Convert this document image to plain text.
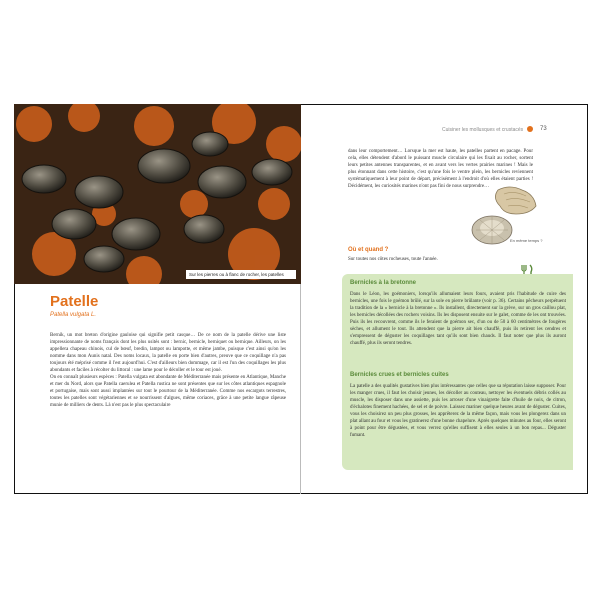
Sur les pierres ou à flanc de rocher, les patelles
Patelle
Patella vulgata L.

Bernik, un mot breton d'origine gauloise qui signifie petit casque… De ce nom de la patelle dérive une liste impressionnante de noms français dont les plus usités sont : bernic, bernicle, berniquet ou bernique. Ailleurs, on les appellera chapeau chinois, cul de bœuf, bredin, lampot ou lampotte, et même jambe, puisque c'est ainsi qu'on les nomme dans mon Aunis natal. Des noms locaux, la patelle en porte bien d'autres, preuve que ce coquillage n'a pas toujours été méprisé comme il l'est aujourd'hui. C'est d'ailleurs bien dommage, car il est l'un des coquillages les plus abondants et faciles à récolter du littoral : une lame pour le décoller et le tour est joué.

On en connaît plusieurs espèces : Patella vulgata est abondante de Méditerranée mais présente en Atlantique, Manche et mer du Nord, alors que Patella caerulea et Patella rustica ne sont présentes que sur les côtes atlantiques espagnole et portugaise, mais sont aussi implantées sur tout le pourtour de la Méditerranée. Comme nos escargots terrestres, toutes les patelles sont végétariennes et se nourrissent d'algues, même coriaces, grâce à une petite langue râpeuse munie de milliers de dents. Là n'est pas le plus spectaculaire

Cuisiner les mollusques et crustacés	73

dans leur comportement… Lorsque la mer est haute, les patelles partent en pacage. Pour cela, elles détendent d'abord le puissant muscle circulaire qui les fixait au rocher, sortent leurs petites antennes transparentes, et en avant vers les vertes prairies marines ! Mais le plus étonnant dans cette histoire, c'est qu'une fois le ventre plein, les bernicles reviennent systématiquement à leur point de départ, précisément à l'endroit d'où elles étaient parties ! Décidément, les curiosités marines n'ont pas fini de nous surprendre…

En même temps ?
Où et quand ?
Sur toutes nos côtes rocheuses, toute l'année.
Bernicles à la bretonne
Dans le Léon, les goémoniers, lorsqu'ils allumaient leurs fours, avaient pris l'habitude de cuire des bernicles, une fois le goémon brûlé, sur la sole en pierre brûlante (voir p. 36). Certains pêcheurs perpétuent la tradition de la « bernicle à la bretonne ». Ils installent, directement sur la grève, sur un gros caillou plat, les bernicles décollées des rochers voisins. Ils les disposent ensuite sur le galet, comme de les ont trouvées. Puis ils les recouvrent, comme ils le feraient de goémon sec, d'un ou de 50 à 60 centimètres de fougères sèches, et allument le tout. Ils attendent que la pierre ait bien chauffé, puis ils retirent les cendres et s'empressent de déguster les coquillages tant qu'ils sont bien chauds. Il faut noter que plus ils auront chauffé, plus ils seront tendres.
Bernicles crues et bernicles cuites
La patelle a des qualités gustatives bien plus intéressantes que celles que sa réputation laisse supposer. Pour les manger crues, il faut les choisir jeunes, les décoller au couteau, nettoyer les éventuels débris collés au muscle, les disposer dans une assiette, puis les arroser d'une vinaigrette faite d'huile de noix, de citron, d'échalotes finement hachées, de sel et de poivre. Laissez mariner quelque heures avant de déguster. Cuites, vous les choisirez un peu plus grosses, les apprêterez de la même façon, mais vous les plongerez dans un plat allant au four et vous les gratinerez d'une bonne chapelure. Après quelques minutes au four, elles seront à point pour être dégustées, et vous verrez qu'elles suffisent à elles seules à un bon repas... Déguster fumant.
